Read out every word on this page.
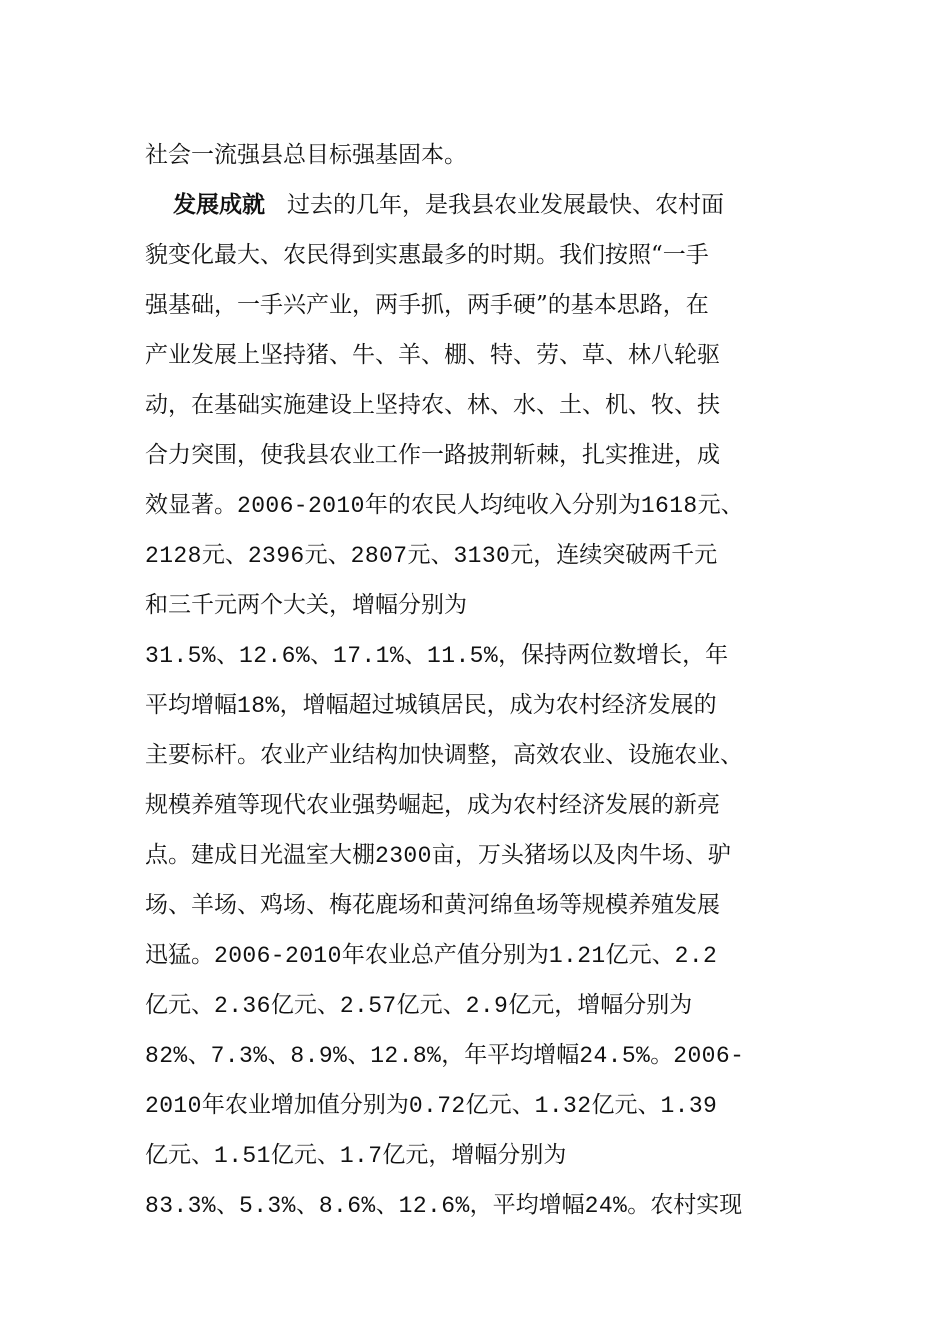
社会一流强县总目标强基固本。
发展成就 过去的几年，是我县农业发展最快、农村面
貌变化最大、农民得到实惠最多的时期。我们按照“一手
强基础，一手兴产业，两手抓，两手硬”的基本思路，在
产业发展上坚持猪、牛、羊、棚、特、劳、草、林八轮驱
动，在基础实施建设上坚持农、林、水、土、机、牧、扶
合力突围，使我县农业工作一路披荆斩棘，扎实推进，成
效显著。2006-2010年的农民人均纯收入分别为1618元、
2128元、2396元、2807元、3130元，连续突破两千元
和三千元两个大关，增幅分别为
31.5%、12.6%、17.1%、11.5%，保持两位数增长，年
平均增幅18%，增幅超过城镇居民，成为农村经济发展的
主要标杆。农业产业结构加快调整，高效农业、设施农业、
规模养殖等现代农业强势崛起，成为农村经济发展的新亮
点。建成日光温室大棚2300亩，万头猪场以及肉牛场、驴
场、羊场、鸡场、梅花鹿场和黄河绵鱼场等规模养殖发展
迅猛。2006-2010年农业总产值分别为1.21亿元、2.2
亿元、2.36亿元、2.57亿元、2.9亿元，增幅分别为
82%、7.3%、8.9%、12.8%，年平均增幅24.5%。2006-
2010年农业增加值分别为0.72亿元、1.32亿元、1.39
亿元、1.51亿元、1.7亿元，增幅分别为
83.3%、5.3%、8.6%、12.6%，平均增幅24%。农村实现
